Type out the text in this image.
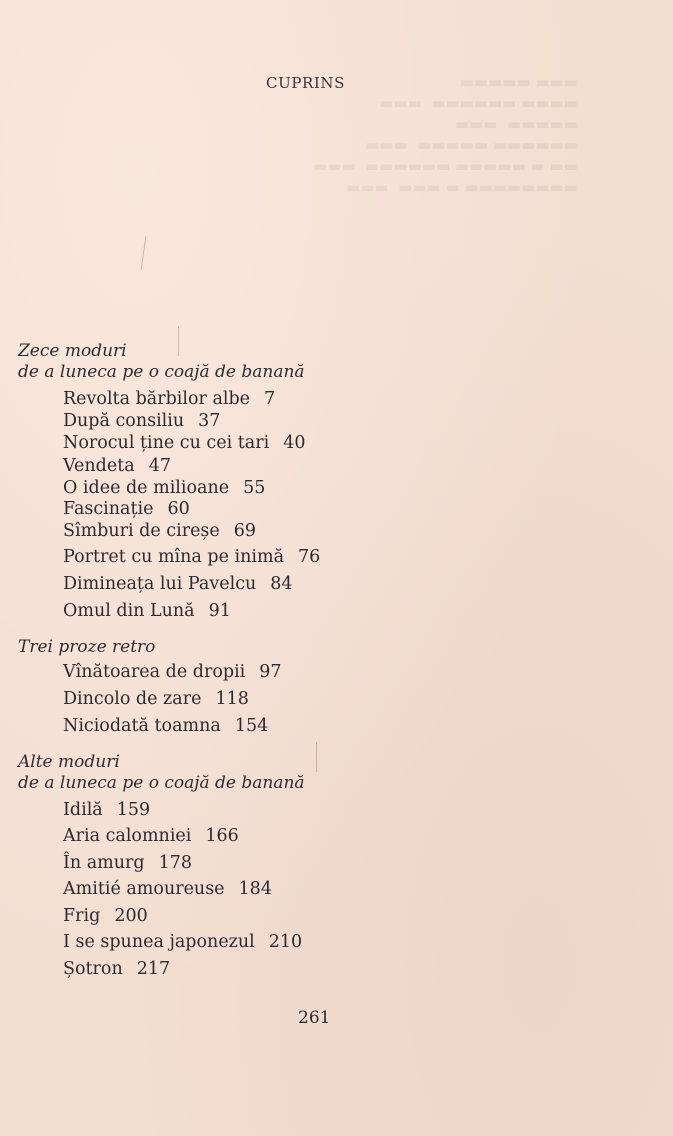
▬▬▬ ▬▬▬▬▬
▬▬▬▬ ▬▬▬▬▬▬  ▬▬▬
▬▬▬▬▬  ▬▬▬
▬▬▬▬▬▬ ▬▬▬▬▬  ▬▬▬
▬▬ ▬ ▬▬▬▬▬ ▬▬▬▬▬▬  ▬▬▬
▬▬▬▬▬▬▬▬ ▬ ▬▬▬  ▬▬▬
CUPRINS
Zece moduri
de a luneca pe o coajă de banană
Revolta bărbilor albe 7
După consiliu 37
Norocul ține cu cei tari 40
Vendeta 47
O idee de milioane 55
Fascinație 60
Sîmburi de cireșe 69
Portret cu mîna pe inimă 76
Dimineața lui Pavelcu 84
Omul din Lună 91
Trei proze retro
Vînătoarea de dropii 97
Dincolo de zare 118
Niciodată toamna 154
Alte moduri
de a luneca pe o coajă de banană
Idilă 159
Aria calomniei 166
În amurg 178
Amitié amoureuse 184
Frig 200
I se spunea japonezul 210
Șotron 217
261
